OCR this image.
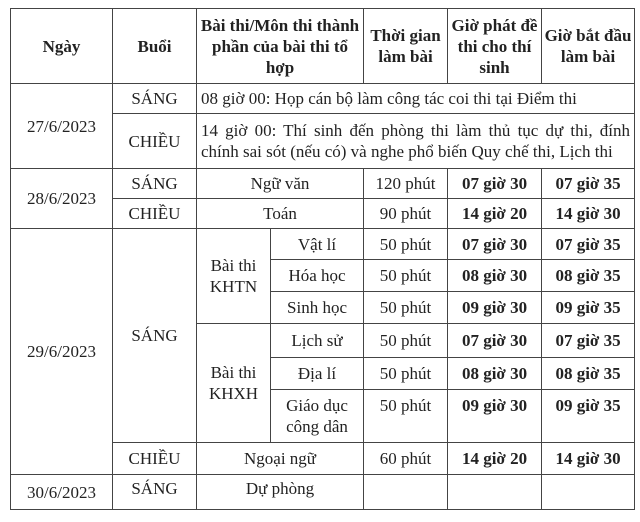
Ngày	Buổi	Bài thi/Môn thi thành phần của bài thi tổ hợp		Thời gian làm bài	Giờ phát đề thi cho thí sinh	Giờ bắt đầu làm bài
27/6/2023	SÁNG	08 giờ 00: Họp cán bộ làm công tác coi thi tại Điểm thi				
	CHIỀU	14 giờ 00: Thí sinh đến phòng thi làm thủ tục dự thi, đính
chính sai sót (nếu có) và nghe phổ biến Quy chế thi, Lịch thi				

28/6/2023	SÁNG	Ngữ văn		120 phút	07 giờ 30	07 giờ 35
	CHIỀU	Toán		90 phút	14 giờ 20	14 giờ 30
29/6/2023	SÁNG	Bài thi KHTN	Vật lí	50 phút	07 giờ 30	07 giờ 35
			Hóa học	50 phút	08 giờ 30	08 giờ 35
			Sinh học	50 phút	09 giờ 30	09 giờ 35
		Bài thi KHXH	Lịch sử	50 phút	07 giờ 30	07 giờ 35
			Địa lí	50 phút	08 giờ 30	08 giờ 35
			Giáo dục công dân	50 phút	09 giờ 30	09 giờ 35
	CHIỀU	Ngoại ngữ		60 phút	14 giờ 20	14 giờ 30
30/6/2023	SÁNG	Dự phòng				
